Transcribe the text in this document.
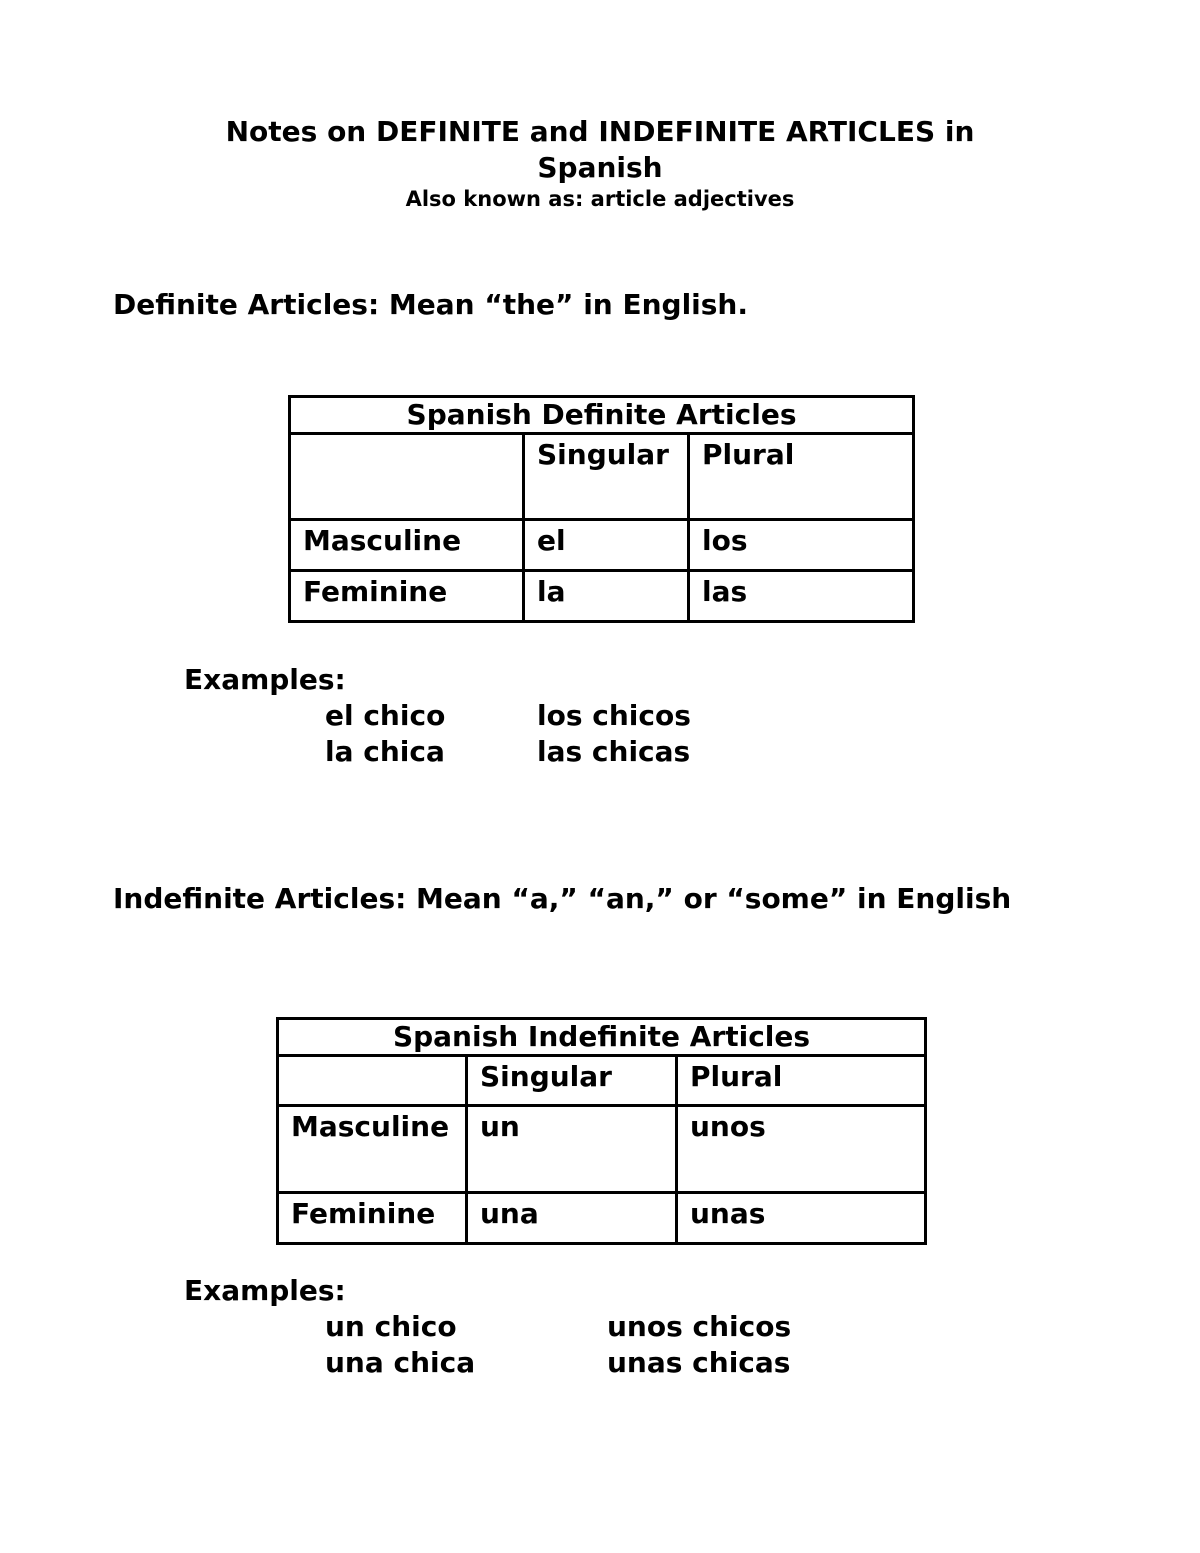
Notes on DEFINITE and INDEFINITE ARTICLES in Spanish
Also known as: article adjectives
Definite Articles: Mean “the” in English.
Spanish Definite Articles		
	Singular	Plural
Masculine	el	los
Feminine	la	las
Examples:
el chico	los chicos
la chica	las chicas
Indefinite Articles: Mean “a,” “an,” or “some” in English
Spanish Indefinite Articles		
	Singular	Plural
Masculine	un	unos
Feminine	una	unas
Examples:
un chico	unos chicos
una chica	unas chicas
